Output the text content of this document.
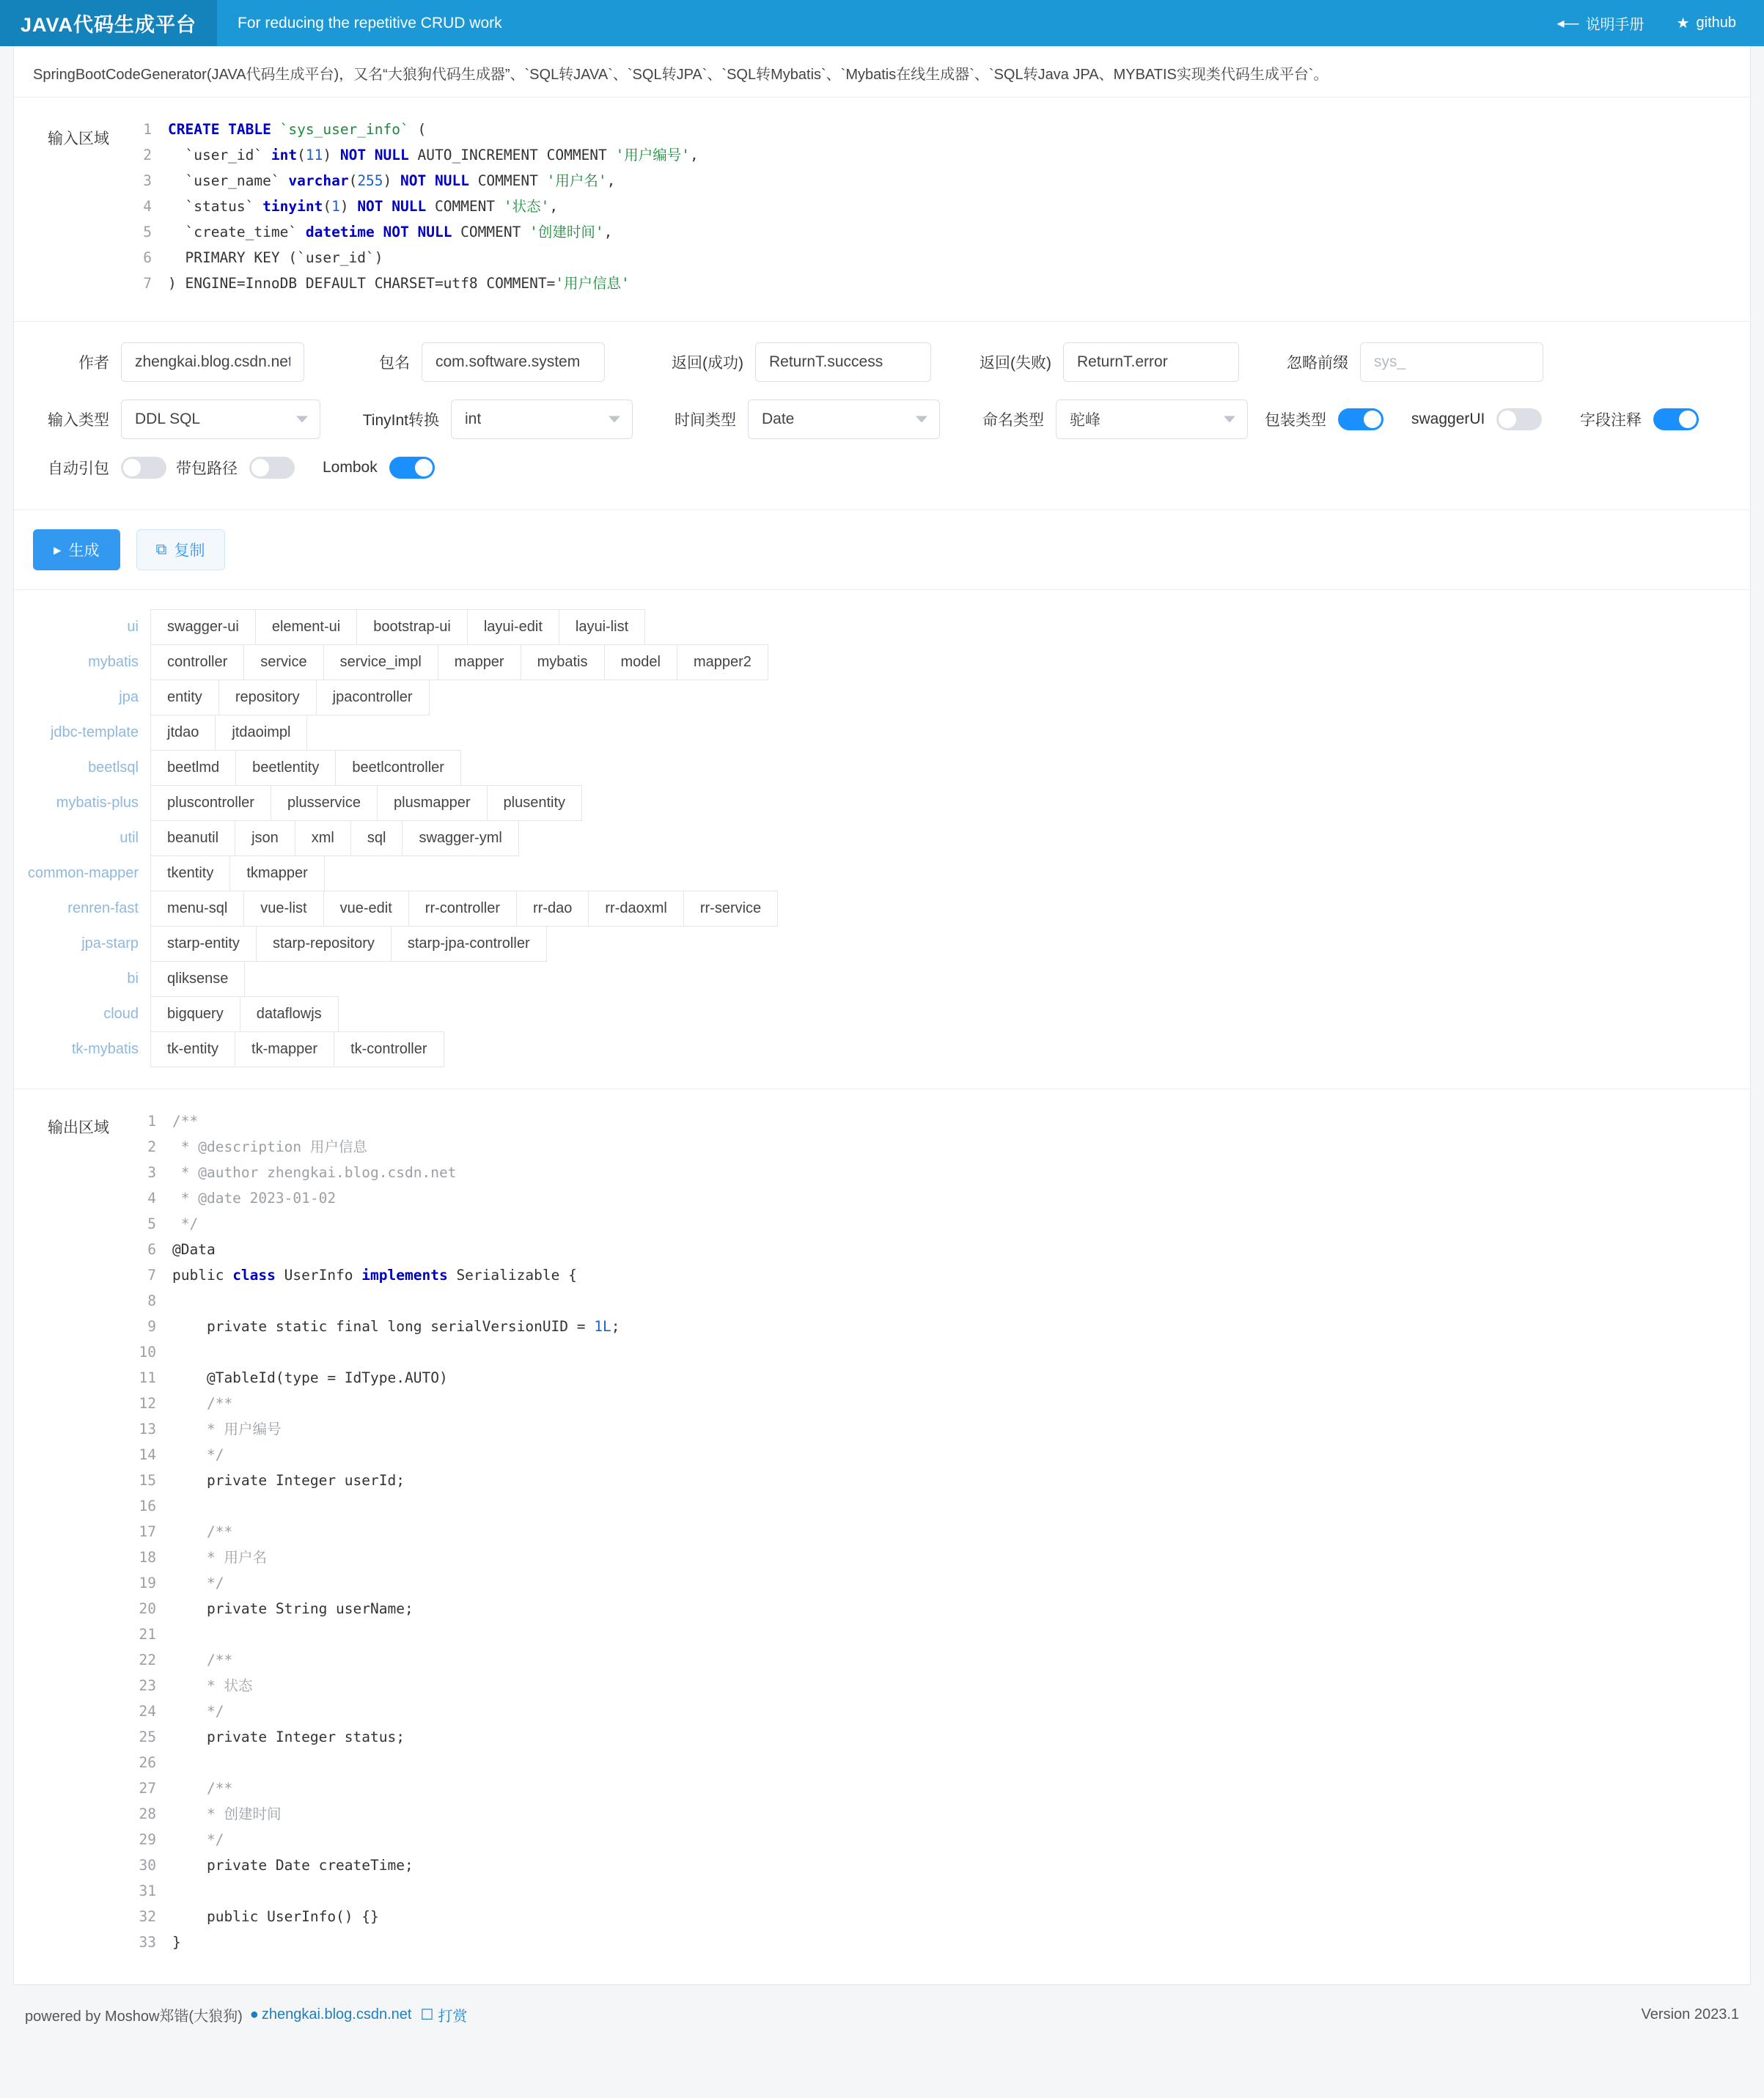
JAVA代码生成平台	For reducing the repetitive CRUD work	◂— 说明手册 ★ github
SpringBootCodeGenerator(JAVA代码生成平台)，又名“大狼狗代码生成器”、`SQL转JAVA`、`SQL转JPA`、`SQL转Mybatis`、`Mybatis在线生成器`、`SQL转Java JPA、MYBATIS实现类代码生成平台`。
输入区域
1	CREATE TABLE `sys_user_info` (
2	`user_id` int(11) NOT NULL AUTO_INCREMENT COMMENT '用户编号',
3	`user_name` varchar(255) NOT NULL COMMENT '用户名',
4	`status` tinyint(1) NOT NULL COMMENT '状态',
5	`create_time` datetime NOT NULL COMMENT '创建时间',
6	PRIMARY KEY (`user_id`)
7	) ENGINE=InnoDB DEFAULT CHARSET=utf8 COMMENT='用户信息'
作者
zhengkai.blog.csdn.net	包名
com.software.system	返回(成功)
ReturnT.success	返回(失败)
ReturnT.error	忽略前缀
sys_
输入类型	DDL SQL	TinyInt转换	int	时间类型	Date	命名类型	驼峰	包装类型	swaggerUI	字段注释
自动引包	带包路径	Lombok
▸ 生成	⧉ 复制
ui	swagger-ui	element-ui	bootstrap-ui	layui-edit	layui-list
mybatis	controller	service	service_impl	mapper	mybatis	model	mapper2
jpa	entity	repository	jpacontroller
jdbc-template	jtdao	jtdaoimpl
beetlsql	beetlmd	beetlentity	beetlcontroller
mybatis-plus	pluscontroller	plusservice	plusmapper	plusentity
util	beanutil	json	xml	sql	swagger-yml
common-mapper	tkentity	tkmapper
renren-fast	menu-sql	vue-list	vue-edit	rr-controller	rr-dao	rr-daoxml	rr-service
jpa-starp	starp-entity	starp-repository	starp-jpa-controller
bi	qliksense
cloud	bigquery	dataflowjs
tk-mybatis	tk-entity	tk-mapper	tk-controller
输出区域	1	/**
2	* @description 用户信息
3	* @author zhengkai.blog.csdn.net
4	* @date 2023-01-02
5	*/
6	@Data
7	public class UserInfo implements Serializable {
8
9	private static final long serialVersionUID = 1L;
10
11	@TableId(type = IdType.AUTO)
12	/**
13	* 用户编号
14	*/
15	private Integer userId;
16
17	/**
18	* 用户名
19	*/
20	private String userName;
21
22	/**
23	* 状态
24	*/
25	private Integer status;
26
27	/**
28	* 创建时间
29	*/
30	private Date createTime;
31
32	public UserInfo() {}
33	}
powered by Moshow郑锴(大狼狗) ● zhengkai.blog.csdn.net ☐ 打赏	Version 2023.1
